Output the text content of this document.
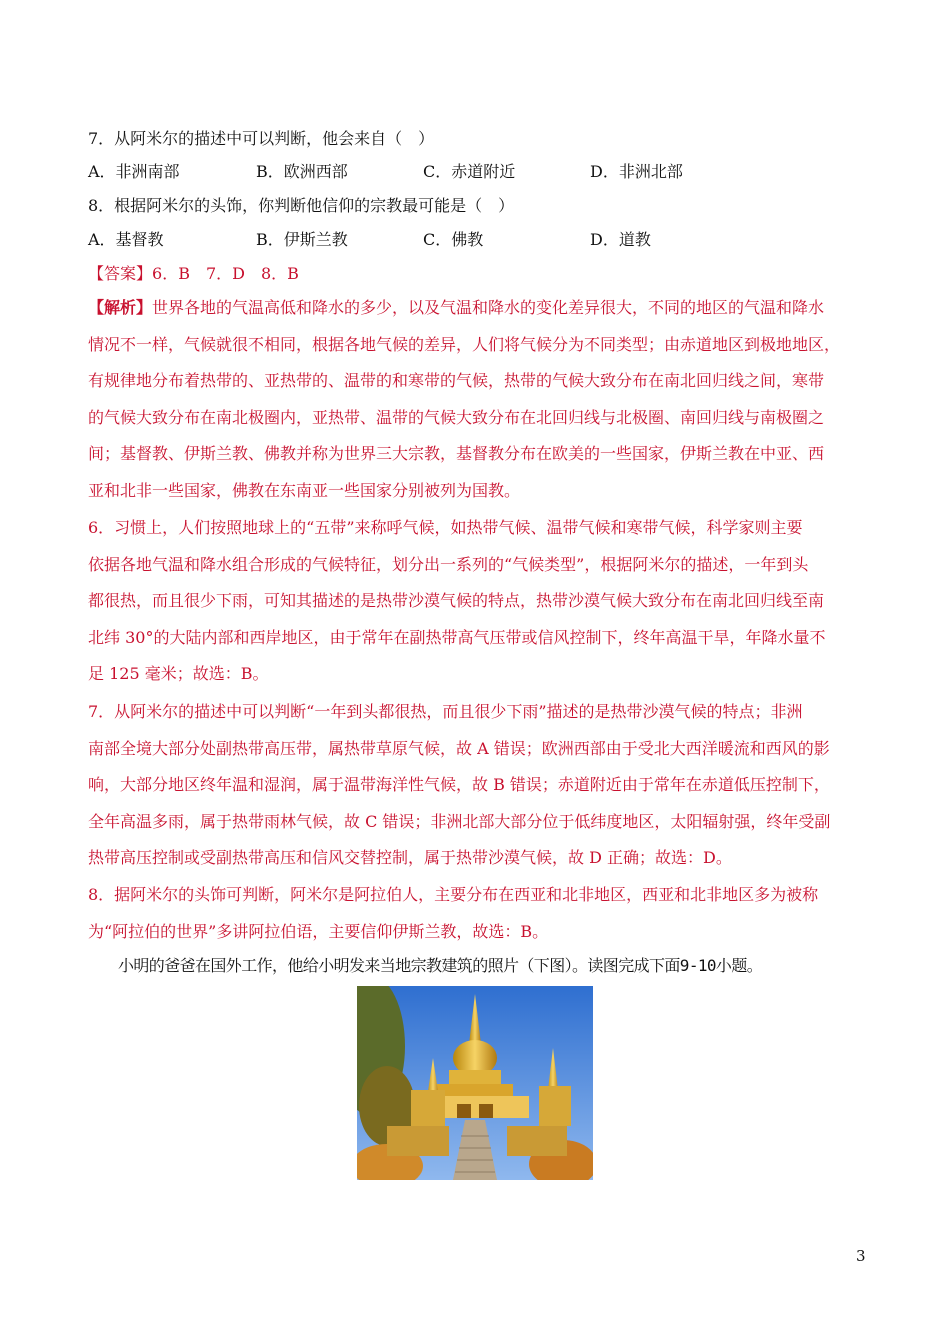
7．从阿米尔的描述中可以判断，他会来自（　）
A．非洲南部	B．欧洲西部	C．赤道附近	D．非洲北部
8．根据阿米尔的头饰，你判断他信仰的宗教最可能是（　）
A．基督教	B．伊斯兰教	C．佛教	D．道教
【答案】6．B　7．D　8．B
【解析】世界各地的气温高低和降水的多少，以及气温和降水的变化差异很大，不同的地区的气温和降水
情况不一样，气候就很不相同，根据各地气候的差异，人们将气候分为不同类型；由赤道地区到极地地区，
有规律地分布着热带的、亚热带的、温带的和寒带的气候，热带的气候大致分布在南北回归线之间，寒带
的气候大致分布在南北极圈内，亚热带、温带的气候大致分布在北回归线与北极圈、南回归线与南极圈之
间；基督教、伊斯兰教、佛教并称为世界三大宗教，基督教分布在欧美的一些国家，伊斯兰教在中亚、西
亚和北非一些国家，佛教在东南亚一些国家分别被列为国教。
6．习惯上，人们按照地球上的“五带”来称呼气候，如热带气候、温带气候和寒带气候，科学家则主要
依据各地气温和降水组合形成的气候特征，划分出一系列的“气候类型”，根据阿米尔的描述，一年到头
都很热，而且很少下雨，可知其描述的是热带沙漠气候的特点，热带沙漠气候大致分布在南北回归线至南
北纬 30°的大陆内部和西岸地区，由于常年在副热带高气压带或信风控制下，终年高温干旱，年降水量不
足 125 毫米；故选：B。
7．从阿米尔的描述中可以判断“一年到头都很热，而且很少下雨”描述的是热带沙漠气候的特点；非洲
南部全境大部分处副热带高压带，属热带草原气候，故 A 错误；欧洲西部由于受北大西洋暖流和西风的影
响，大部分地区终年温和湿润，属于温带海洋性气候，故 B 错误；赤道附近由于常年在赤道低压控制下，
全年高温多雨，属于热带雨林气候，故 C 错误；非洲北部大部分位于低纬度地区，太阳辐射强，终年受副
热带高压控制或受副热带高压和信风交替控制，属于热带沙漠气候，故 D 正确；故选：D。
8．据阿米尔的头饰可判断，阿米尔是阿拉伯人，主要分布在西亚和北非地区，西亚和北非地区多为被称
为“阿拉伯的世界”多讲阿拉伯语，主要信仰伊斯兰教，故选：B。
小明的爸爸在国外工作，他给小明发来当地宗教建筑的照片（下图）。读图完成下面9-10小题。
3
